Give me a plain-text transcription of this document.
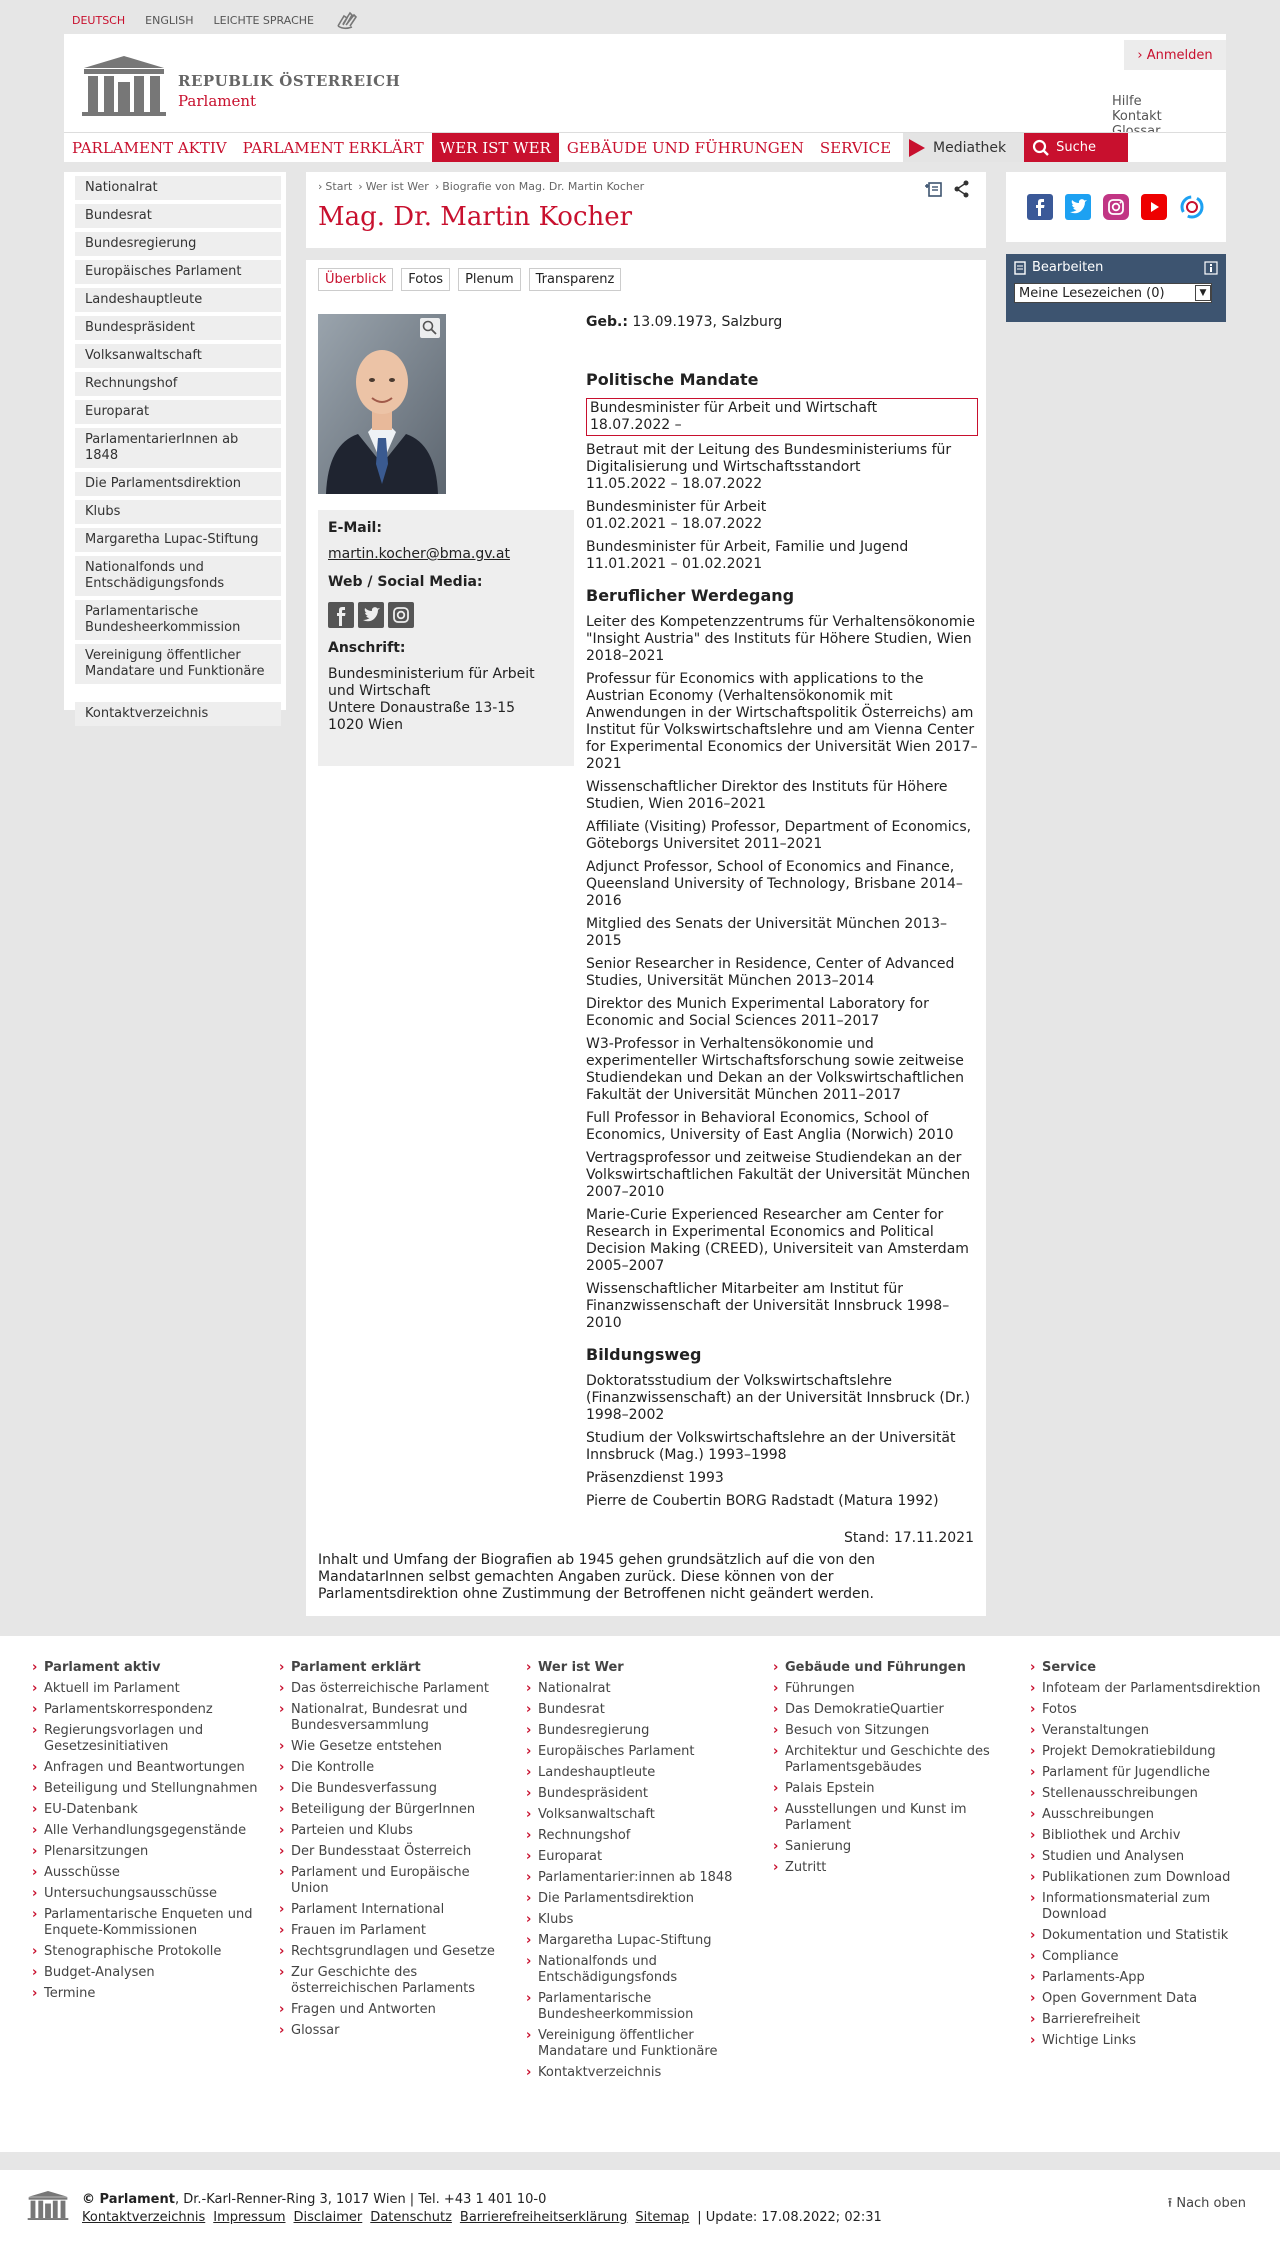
DEUTSCH ENGLISH LEICHTE SPRACHE
REPUBLIK ÖSTERREICH
Parlament
› Anmelden
Hilfe
Kontakt
PARLAMENT AKTIV	PARLAMENT ERKLÄRT	WER IST WER	GEBÄUDE UND FÜHRUNGEN	SERVICE	Mediathek	Suche
Nationalrat
Bundesrat
Bundesregierung
Europäisches Parlament
Landeshauptleute
Bundespräsident
Volksanwaltschaft
Rechnungshof
Europarat
ParlamentarierInnen ab 1848
Die Parlamentsdirektion
Klubs
Margaretha Lupac-Stiftung
Nationalfonds und Entschädigungsfonds
Parlamentarische Bundesheerkommission
Vereinigung öffentlicher Mandatare und Funktionäre
Kontaktverzeichnis
› Start	› Wer ist Wer	› Biografie von Mag. Dr. Martin Kocher
Mag. Dr. Martin Kocher
Bearbeiten
Meine Lesezeichen (0)	▼
Überblick	Fotos	Plenum	Transparenz
E-Mail:
martin.kocher@bma.gv.at
Web / Social Media:
Anschrift:
Bundesministerium für Arbeit und Wirtschaft
Untere Donaustraße 13-15
1020 Wien
Geb.: 13.09.1973, Salzburg
Politische Mandate
Bundesminister für Arbeit und Wirtschaft
18.07.2022 –
Betraut mit der Leitung des Bundesministeriums für Digitalisierung und Wirtschaftsstandort
11.05.2022 – 18.07.2022
Bundesminister für Arbeit
01.02.2021 – 18.07.2022
Bundesminister für Arbeit, Familie und Jugend
11.01.2021 – 01.02.2021
Beruflicher Werdegang
Leiter des Kompetenzzentrums für Verhaltensökonomie "Insight Austria" des Instituts für Höhere Studien, Wien 2018–2021
Professur für Economics with applications to the Austrian Economy (Verhaltensökonomik mit Anwendungen in der Wirtschaftspolitik Österreichs) am Institut für Volkswirtschaftslehre und am Vienna Center for Experimental Economics der Universität Wien 2017–2021
Wissenschaftlicher Direktor des Instituts für Höhere Studien, Wien 2016–2021
Affiliate (Visiting) Professor, Department of Economics, Göteborgs Universitet 2011–2021
Adjunct Professor, School of Economics and Finance, Queensland University of Technology, Brisbane 2014–2016
Mitglied des Senats der Universität München 2013–2015
Senior Researcher in Residence, Center of Advanced Studies, Universität München 2013–2014
Direktor des Munich Experimental Laboratory for Economic and Social Sciences 2011–2017
W3-Professor in Verhaltensökonomie und experimenteller Wirtschaftsforschung sowie zeitweise Studiendekan und Dekan an der Volkswirtschaftlichen Fakultät der Universität München 2011–2017
Full Professor in Behavioral Economics, School of Economics, University of East Anglia (Norwich) 2010
Vertragsprofessor und zeitweise Studiendekan an der Volkswirtschaftlichen Fakultät der Universität München 2007–2010
Marie-Curie Experienced Researcher am Center for Research in Experimental Economics and Political Decision Making (CREED), Universiteit van Amsterdam 2005–2007
Wissenschaftlicher Mitarbeiter am Institut für Finanzwissenschaft der Universität Innsbruck 1998–2010
Bildungsweg
Doktoratsstudium der Volkswirtschaftslehre (Finanzwissenschaft) an der Universität Innsbruck (Dr.) 1998–2002
Studium der Volkswirtschaftslehre an der Universität Innsbruck (Mag.) 1993–1998
Präsenzdienst 1993
Pierre de Coubertin BORG Radstadt (Matura 1992)
Stand: 17.11.2021
Inhalt und Umfang der Biografien ab 1945 gehen grundsätzlich auf die von den MandatarInnen selbst gemachten Angaben zurück. Diese können von der Parlamentsdirektion ohne Zustimmung der Betroffenen nicht geändert werden.
› Parlament aktiv
› Aktuell im Parlament
› Parlamentskorrespondenz
› Regierungsvorlagen und Gesetzesinitiativen
› Anfragen und Beantwortungen
› Beteiligung und Stellungnahmen
› EU-Datenbank
› Alle Verhandlungsgegenstände
› Plenarsitzungen
› Ausschüsse
› Untersuchungsausschüsse
› Parlamentarische Enqueten und Enquete-Kommissionen
› Stenographische Protokolle
› Budget-Analysen
› Termine
› Parlament erklärt
› Das österreichische Parlament
› Nationalrat, Bundesrat und Bundesversammlung
› Wie Gesetze entstehen
› Die Kontrolle
› Die Bundesverfassung
› Beteiligung der BürgerInnen
› Parteien und Klubs
› Der Bundesstaat Österreich
› Parlament und Europäische Union
› Parlament International
› Frauen im Parlament
› Rechtsgrundlagen und Gesetze
› Zur Geschichte des österreichischen Parlaments
› Fragen und Antworten
› Glossar
› Wer ist Wer
› Nationalrat
› Bundesrat
› Bundesregierung
› Europäisches Parlament
› Landeshauptleute
› Bundespräsident
› Volksanwaltschaft
› Rechnungshof
› Europarat
› Parlamentarier:innen ab 1848
› Die Parlamentsdirektion
› Klubs
› Margaretha Lupac-Stiftung
› Nationalfonds und Entschädigungsfonds
› Parlamentarische Bundesheerkommission
› Vereinigung öffentlicher Mandatare und Funktionäre
› Kontaktverzeichnis
› Gebäude und Führungen
› Führungen
› Das DemokratieQuartier
› Besuch von Sitzungen
› Architektur und Geschichte des Parlamentsgebäudes
› Palais Epstein
› Ausstellungen und Kunst im Parlament
› Sanierung
› Zutritt
› Service
› Infoteam der Parlamentsdirektion
› Fotos
› Veranstaltungen
› Projekt Demokratiebildung
› Parlament für Jugendliche
› Stellenausschreibungen
› Ausschreibungen
› Bibliothek und Archiv
› Studien und Analysen
› Publikationen zum Download
› Informationsmaterial zum Download
› Dokumentation und Statistik
› Compliance
› Parlaments-App
› Open Government Data
› Barrierefreiheit
› Wichtige Links
© Parlament, Dr.-Karl-Renner-Ring 3, 1017 Wien | Tel. +43 1 401 10-0
Kontaktverzeichnis Impressum Disclaimer Datenschutz Barrierefreiheitserklärung Sitemap | Update: 17.08.2022; 02:31
⭱ Nach oben
